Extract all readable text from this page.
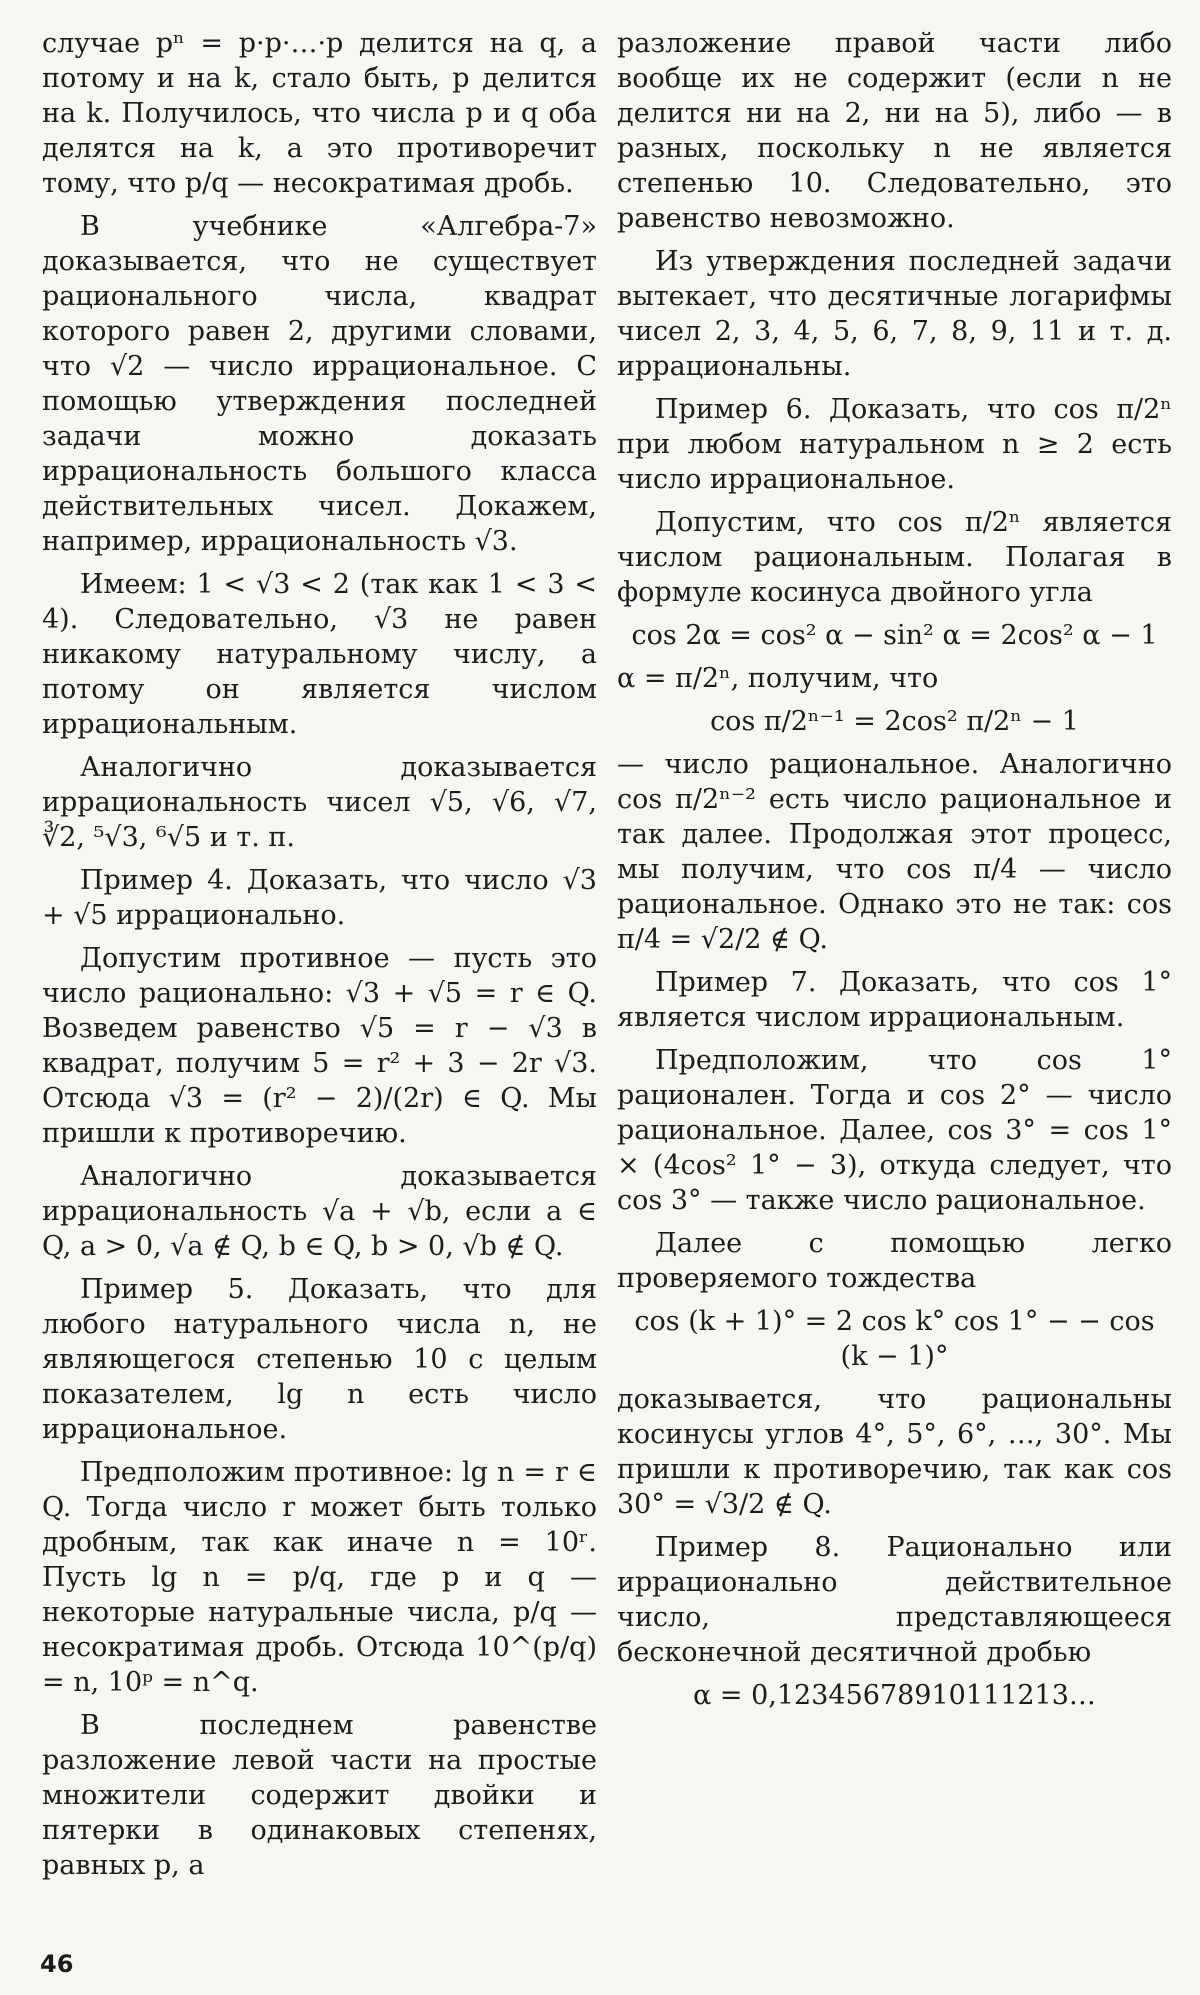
случае pⁿ = p·p·…·p делится на q, а потому и на k, стало быть, p делится на k. Получилось, что числа p и q оба делятся на k, а это противоречит тому, что p/q — несократимая дробь.

В учебнике «Алгебра-7» доказывается, что не существует рационального числа, квадрат которого равен 2, другими словами, что √2 — число иррациональное. С помощью утверждения последней задачи можно доказать иррациональность большого класса действительных чисел. Докажем, например, иррациональность √3.

Имеем: 1 < √3 < 2 (так как 1 < 3 < 4). Следовательно, √3 не равен никакому натуральному числу, а потому он является числом иррациональным.

Аналогично доказывается иррациональность чисел √5, √6, √7, ∛2, ⁵√3, ⁶√5 и т. п.

Пример 4. Доказать, что число √3 + √5 иррационально.

Допустим противное — пусть это число рационально: √3 + √5 = r ∈ Q. Возведем равенство √5 = r − √3 в квадрат, получим 5 = r² + 3 − 2r √3. Отсюда √3 = (r² − 2)/(2r) ∈ Q. Мы пришли к противоречию.

Аналогично доказывается иррациональность √a + √b, если a ∈ Q, a > 0, √a ∉ Q, b ∈ Q, b > 0, √b ∉ Q.

Пример 5. Доказать, что для любого натурального числа n, не являющегося степенью 10 с целым показателем, lg n есть число иррациональное.

Предположим противное: lg n = r ∈ Q. Тогда число r может быть только дробным, так как иначе n = 10ʳ. Пусть lg n = p/q, где p и q — некоторые натуральные числа, p/q — несократимая дробь. Отсюда 10^(p/q) = n, 10ᵖ = n^q.

В последнем равенстве разложение левой части на простые множители содержит двойки и пятерки в одинаковых степенях, равных p, а

разложение правой части либо вообще их не содержит (если n не делится ни на 2, ни на 5), либо — в разных, поскольку n не является степенью 10. Следовательно, это равенство невозможно.

Из утверждения последней задачи вытекает, что десятичные логарифмы чисел 2, 3, 4, 5, 6, 7, 8, 9, 11 и т. д. иррациональны.

Пример 6. Доказать, что cos π/2ⁿ при любом натуральном n ≥ 2 есть число иррациональное.

Допустим, что cos π/2ⁿ является числом рациональным. Полагая в формуле косинуса двойного угла

cos 2α = cos² α − sin² α = 2cos² α − 1

α = π/2ⁿ, получим, что

cos π/2ⁿ⁻¹ = 2cos² π/2ⁿ − 1

— число рациональное. Аналогично cos π/2ⁿ⁻² есть число рациональное и так далее. Продолжая этот процесс, мы получим, что cos π/4 — число рациональное. Однако это не так: cos π/4 = √2/2 ∉ Q.

Пример 7. Доказать, что cos 1° является числом иррациональным.

Предположим, что cos 1° рационален. Тогда и cos 2° — число рациональное. Далее, cos 3° = cos 1° × (4cos² 1° − 3), откуда следует, что cos 3° — также число рациональное.

Далее с помощью легко проверяемого тождества

cos (k + 1)° = 2 cos k° cos 1° − − cos (k − 1)°

доказывается, что рациональны косинусы углов 4°, 5°, 6°, …, 30°. Мы пришли к противоречию, так как cos 30° = √3/2 ∉ Q.

Пример 8. Рационально или иррационально действительное число, представляющееся бесконечной десятичной дробью

α = 0,12345678910111213…

46
